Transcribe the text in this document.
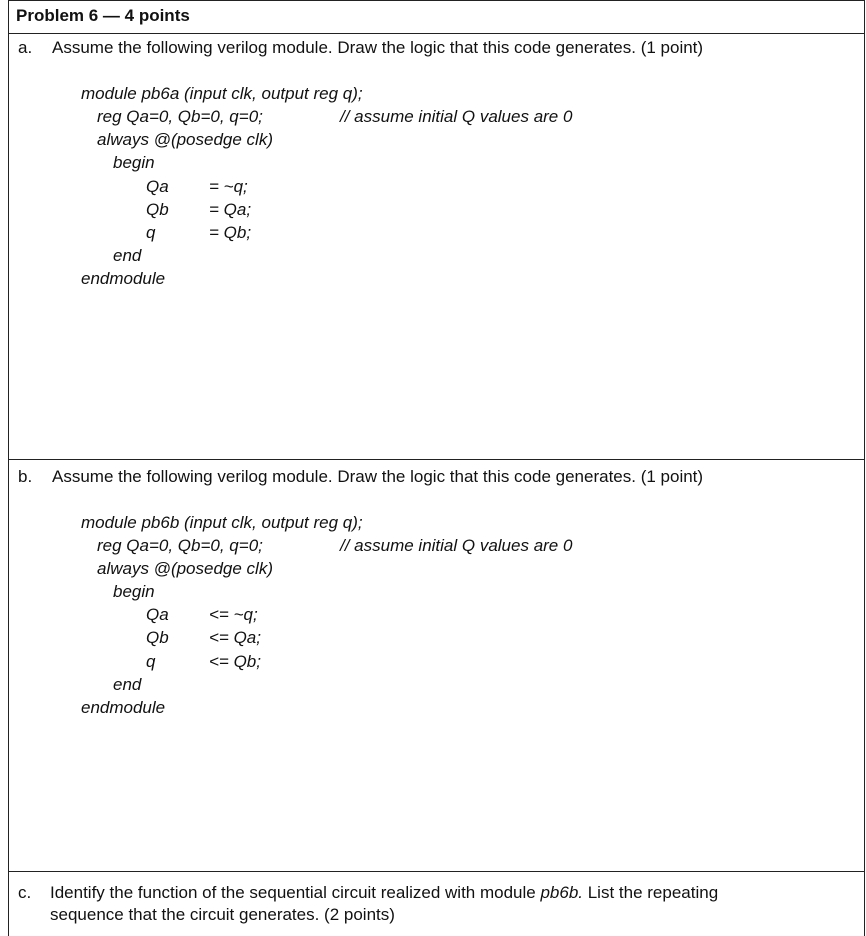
Problem 6 — 4 points
a. Assume the following verilog module. Draw the logic that this code generates. (1 point)
module pb6a (input clk, output reg q);
reg Qa=0, Qb=0, q=0;	// assume initial Q values are 0
always @(posedge clk)
begin
Qa = ~q;
Qb = Qa;
q	= Qb;
end
endmodule
b. Assume the following verilog module. Draw the logic that this code generates. (1 point)
module pb6b (input clk, output reg q);
reg Qa=0, Qb=0, q=0;	// assume initial Q values are 0
always @(posedge clk)
begin
Qa <= ~q;
Qb <= Qa;
q	<= Qb;
end
endmodule
c. Identify the function of the sequential circuit realized with module pb6b. List the repeating
sequence that the circuit generates. (2 points)
